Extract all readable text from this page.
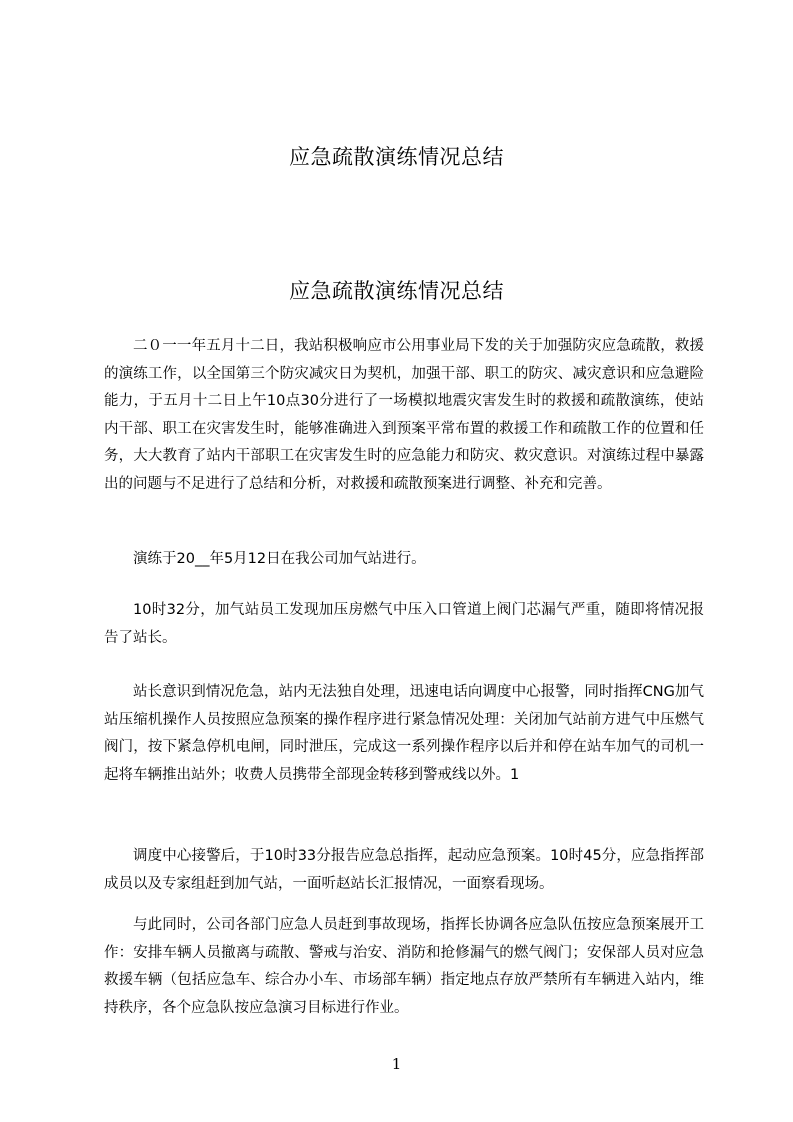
应急疏散演练情况总结
应急疏散演练情况总结

二０一一年五月十二日，我站积极响应市公用事业局下发的关于加强防灾应急疏散，救援的演练工作，以全国第三个防灾减灾日为契机，加强干部、职工的防灾、减灾意识和应急避险能力，于五月十二日上午10点30分进行了一场模拟地震灾害发生时的救援和疏散演练，使站内干部、职工在灾害发生时，能够准确进入到预案平常布置的救援工作和疏散工作的位置和任务，大大教育了站内干部职工在灾害发生时的应急能力和防灾、救灾意识。对演练过程中暴露出的问题与不足进行了总结和分析，对救援和疏散预案进行调整、补充和完善。

演练于20__年5月12日在我公司加气站进行。

10时32分，加气站员工发现加压房燃气中压入口管道上阀门芯漏气严重，随即将情况报告了站长。

站长意识到情况危急，站内无法独自处理，迅速电话向调度中心报警，同时指挥CNG加气站压缩机操作人员按照应急预案的操作程序进行紧急情况处理：关闭加气站前方进气中压燃气阀门，按下紧急停机电闸，同时泄压，完成这一系列操作程序以后并和停在站车加气的司机一起将车辆推出站外；收费人员携带全部现金转移到警戒线以外。1

调度中心接警后，于10时33分报告应急总指挥，起动应急预案。10时45分，应急指挥部成员以及专家组赶到加气站，一面听赵站长汇报情况，一面察看现场。

与此同时，公司各部门应急人员赶到事故现场，指挥长协调各应急队伍按应急预案展开工作：安排车辆人员撤离与疏散、警戒与治安、消防和抢修漏气的燃气阀门；安保部人员对应急救援车辆（包括应急车、综合办小车、市场部车辆）指定地点存放严禁所有车辆进入站内，维持秩序，各个应急队按应急演习目标进行作业。

1
